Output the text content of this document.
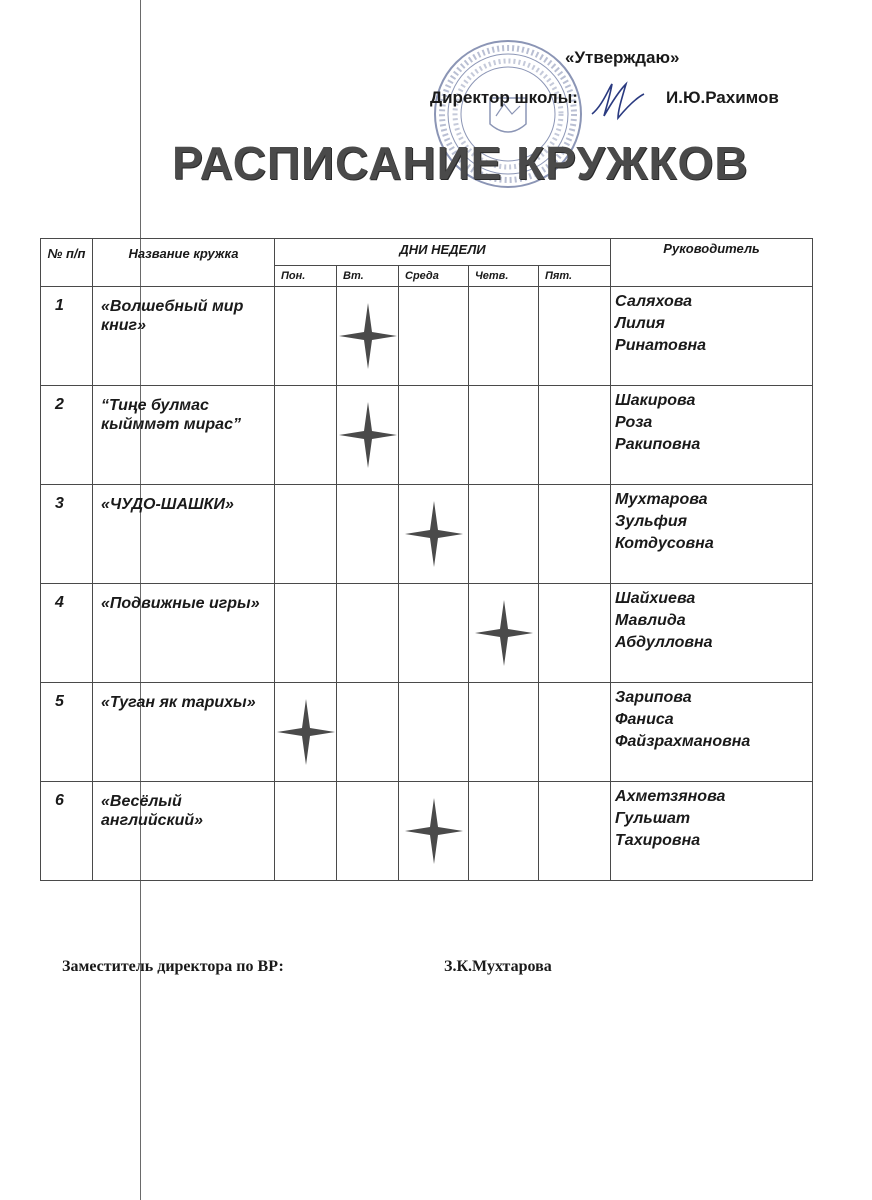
«Утверждаю»
Директор школы:	И.Ю.Рахимов
РАСПИСАНИЕ КРУЖКОВ
№ п/п	Название кружка	ДНИ НЕДЕЛИ					Руководитель
		Пон.	Вт.	Среда	Четв.	Пят.	
1	«Волшебный мир книг»						Саляхова
Лилия
Ринатовна
2	“Тиңе булмас кыйммәт мирас”						Шакирова
Роза
Ракиповна
3	«ЧУДО-ШАШКИ»						Мухтарова
Зульфия
Котдусовна
4	«Подвижные игры»						Шайхиева
Мавлида
Абдулловна
5	«Туган як тарихы»						Зарипова
Фаниса
Файзрахмановна
6	«Весёлый английский»						Ахметзянова
Гульшат
Тахировна
Заместитель директора по ВР:	З.К.Мухтарова
